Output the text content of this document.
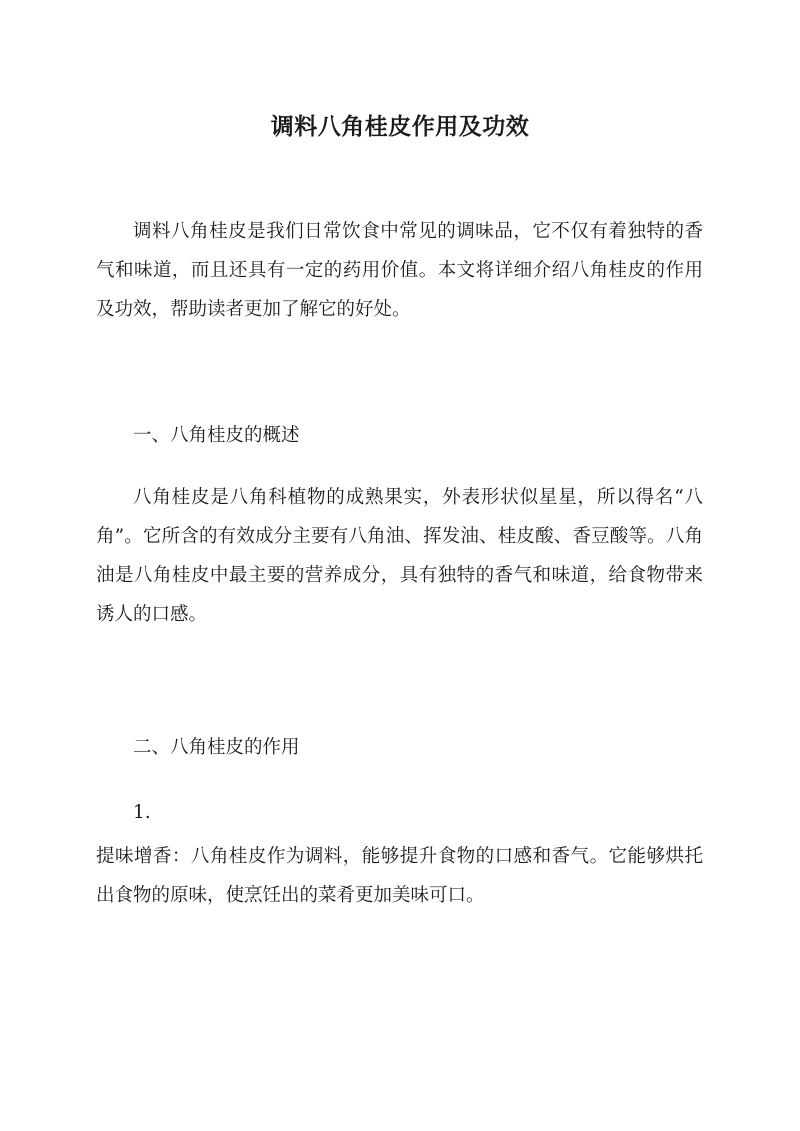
调料八角桂皮作用及功效

调料八角桂皮是我们日常饮食中常见的调味品，它不仅有着独特的香气和味道，而且还具有一定的药用价值。本文将详细介绍八角桂皮的作用及功效，帮助读者更加了解它的好处。

一、八角桂皮的概述

八角桂皮是八角科植物的成熟果实，外表形状似星星，所以得名“八角”。它所含的有效成分主要有八角油、挥发油、桂皮酸、香豆酸等。八角油是八角桂皮中最主要的营养成分，具有独特的香气和味道，给食物带来诱人的口感。

二、八角桂皮的作用

1.

提味增香：八角桂皮作为调料，能够提升食物的口感和香气。它能够烘托出食物的原味，使烹饪出的菜肴更加美味可口。
